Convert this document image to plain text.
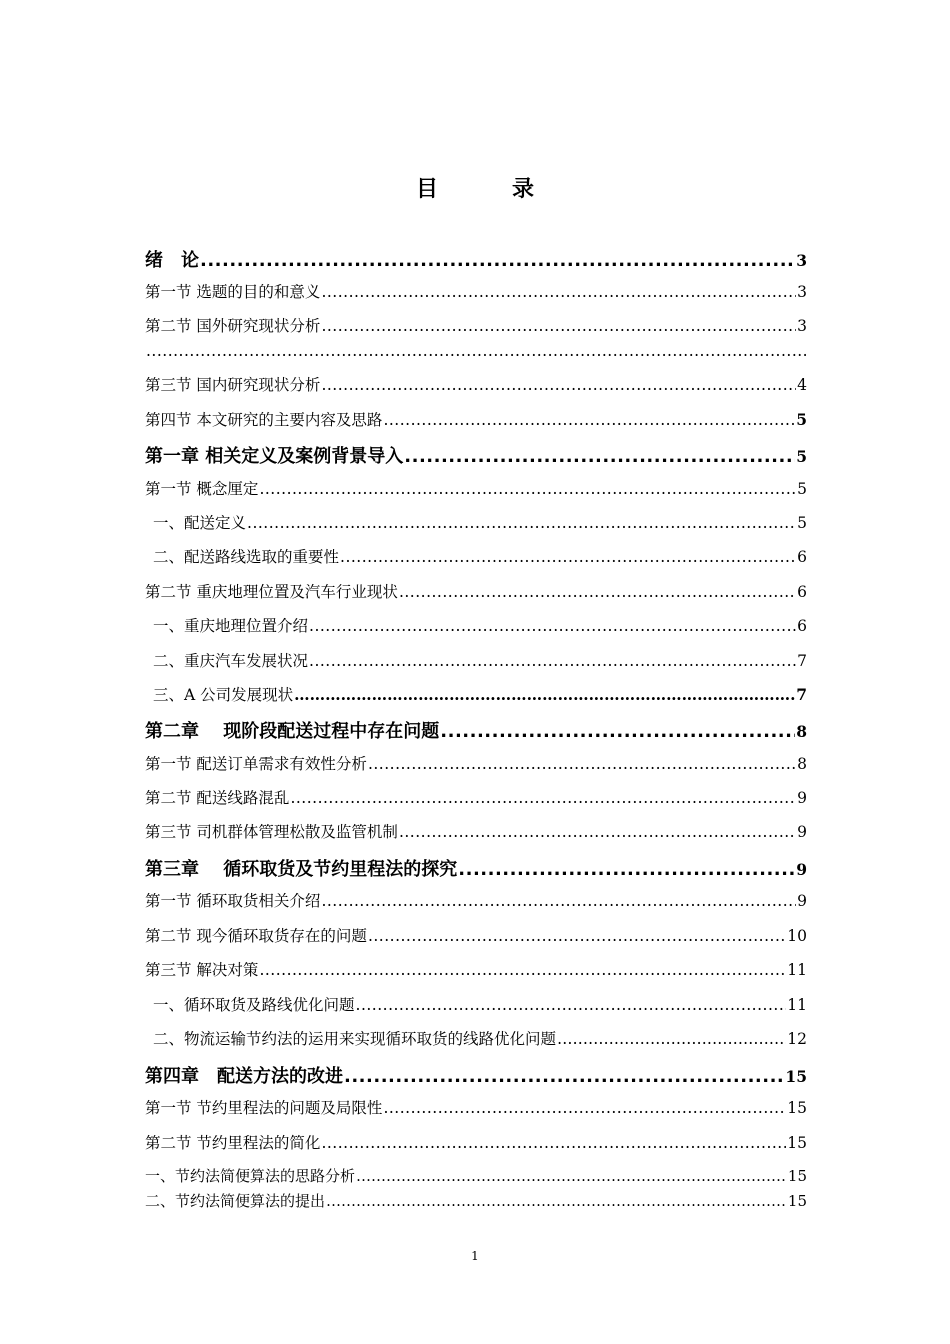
目　录
绪　论 .....	3
第一节 选题的目的和意义 .....	3
第二节 国外研究现状分析 .....	3
.....
第三节 国内研究现状分析 .....	4
第四节 本文研究的主要内容及思路 .....	5
第一章 相关定义及案例背景导入 .....	5
第一节 概念厘定 .....	5
一、配送定义 .....	5
二、配送路线选取的重要性 .....	6
第二节 重庆地理位置及汽车行业现状 .....	6
一、重庆地理位置介绍 .....	6
二、重庆汽车发展状况 .....	7
三、A 公司发展现状 ……………………………………………………………………………………………………………………………………	7
第二章　 现阶段配送过程中存在问题 .....	8
第一节 配送订单需求有效性分析 .....	8
第二节 配送线路混乱 .....	9
第三节 司机群体管理松散及监管机制 .....	9
第三章　 循环取货及节约里程法的探究 .....	9
第一节 循环取货相关介绍 .....	9
第二节 现今循环取货存在的问题 .....	10
第三节 解决对策 .....	11
一、循环取货及路线优化问题 .....	11
二、物流运输节约法的运用来实现循环取货的线路优化问题 ……………………………………………………………………………………………………………………………………	12
第四章　配送方法的改进 .....	15
第一节 节约里程法的问题及局限性 .....	15
第二节 节约里程法的简化 .....	15
一、节约法简便算法的思路分析 ……………………………………………………………………………………………………………………………………	15
二、节约法简便算法的提出 ……………………………………………………………………………………………………………………………………	15
1
